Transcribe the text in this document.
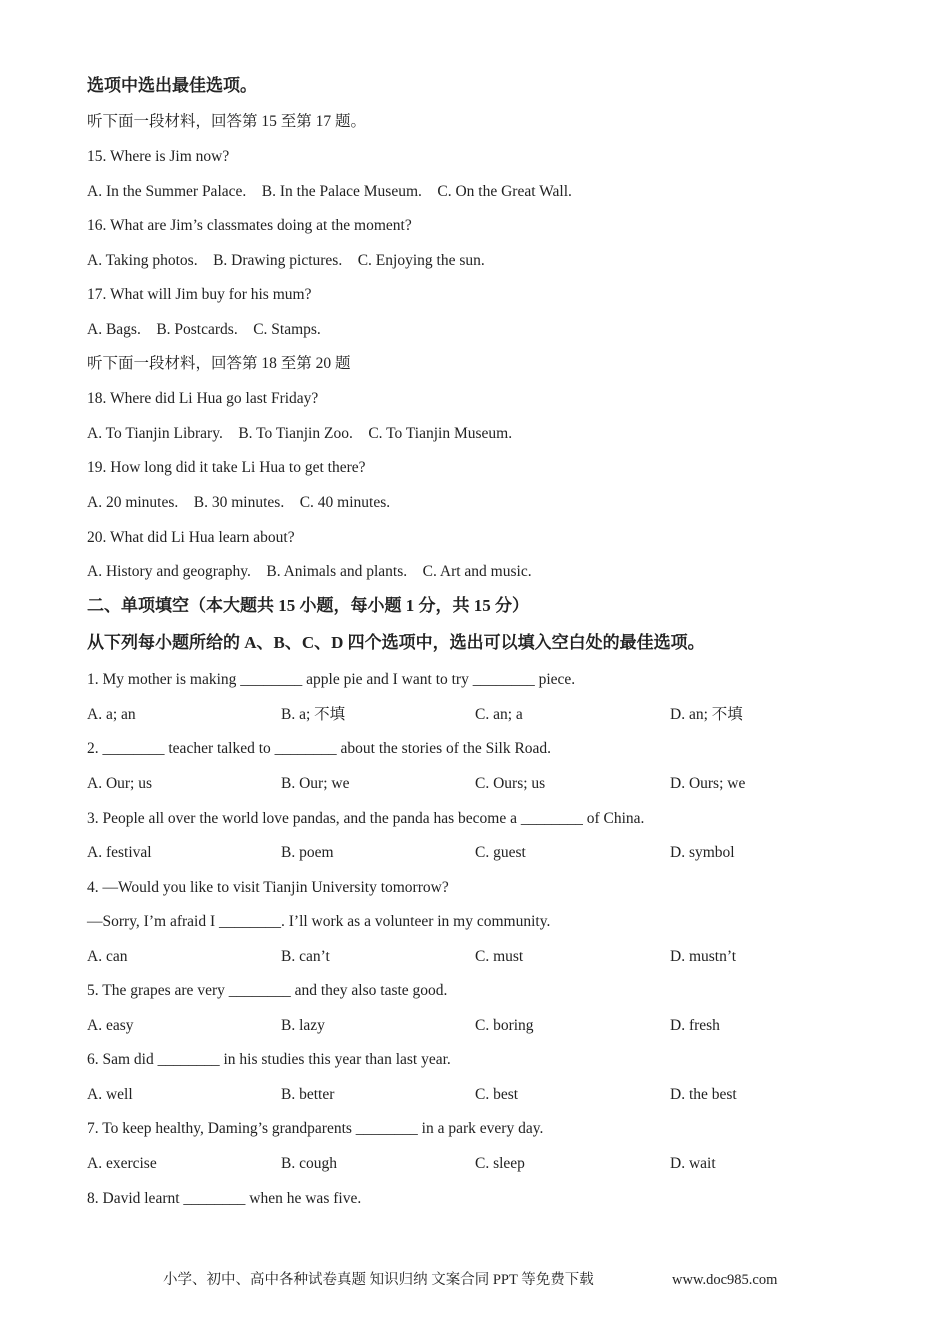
选项中选出最佳选项。
听下面一段材料，回答第 15 至第 17 题。
15. Where is Jim now?
A. In the Summer Palace.    B. In the Palace Museum.    C. On the Great Wall.
16. What are Jim’s classmates doing at the moment?
A. Taking photos.    B. Drawing pictures.    C. Enjoying the sun.
17. What will Jim buy for his mum?
A. Bags.    B. Postcards.    C. Stamps.
听下面一段材料，回答第 18 至第 20 题
18. Where did Li Hua go last Friday?
A. To Tianjin Library.    B. To Tianjin Zoo.    C. To Tianjin Museum.
19. How long did it take Li Hua to get there?
A. 20 minutes.    B. 30 minutes.    C. 40 minutes.
20. What did Li Hua learn about?
A. History and geography.    B. Animals and plants.    C. Art and music.
二、单项填空（本大题共 15 小题，每小题 1 分，共 15 分）
从下列每小题所给的 A、B、C、D 四个选项中，选出可以填入空白处的最佳选项。
1. My mother is making ________ apple pie and I want to try ________ piece.
A. a; an	B. a; 不填	C. an; a	D. an; 不填
2. ________ teacher talked to ________ about the stories of the Silk Road.
A. Our; us	B. Our; we	C. Ours; us	D. Ours; we
3. People all over the world love pandas, and the panda has become a ________ of China.
A. festival	B. poem	C. guest	D. symbol
4. —Would you like to visit Tianjin University tomorrow?
—Sorry, I’m afraid I ________. I’ll work as a volunteer in my community.
A. can	B. can’t	C. must	D. mustn’t
5. The grapes are very ________ and they also taste good.
A. easy	B. lazy	C. boring	D. fresh
6. Sam did ________ in his studies this year than last year.
A. well	B. better	C. best	D. the best
7. To keep healthy, Daming’s grandparents ________ in a park every day.
A. exercise	B. cough	C. sleep	D. wait
8. David learnt ________ when he was five.
小学、初中、高中各种试卷真题 知识归纳 文案合同 PPT 等免费下载	www.doc985.com
